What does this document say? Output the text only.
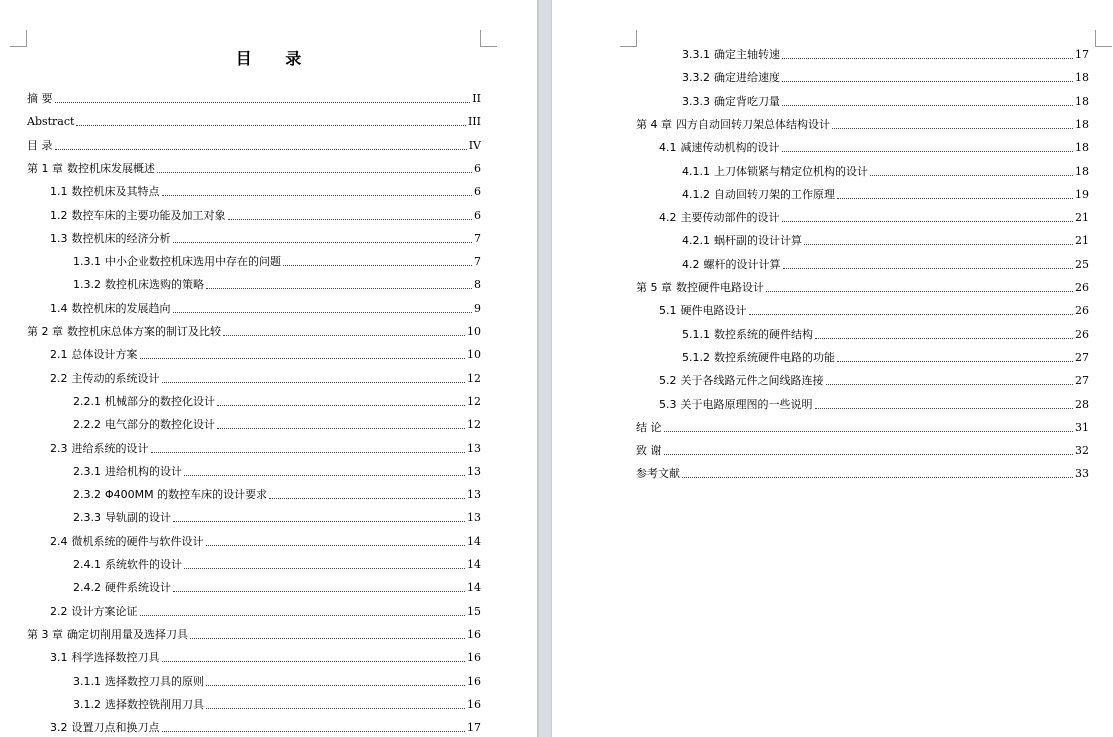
目 录
摘 要	II
Abstract	III
目 录	IV
第 1 章 数控机床发展概述	6
1.1 数控机床及其特点	6
1.2 数控车床的主要功能及加工对象	6
1.3 数控机床的经济分析	7
1.3.1 中小企业数控机床选用中存在的问题	7
1.3.2 数控机床选购的策略	8
1.4 数控机床的发展趋向	9
第 2 章 数控机床总体方案的制订及比较	10
2.1 总体设计方案	10
2.2 主传动的系统设计	12
2.2.1 机械部分的数控化设计	12
2.2.2 电气部分的数控化设计	12
2.3 进给系统的设计	13
2.3.1 进给机构的设计	13
2.3.2 Φ400MM 的数控车床的设计要求	13
2.3.3 导轨副的设计	13
2.4 微机系统的硬件与软件设计	14
2.4.1 系统软件的设计	14
2.4.2 硬件系统设计	14
2.2 设计方案论证	15
第 3 章 确定切削用量及选择刀具	16
3.1 科学选择数控刀具	16
3.1.1 选择数控刀具的原则	16
3.1.2 选择数控铣削用刀具	16
3.2 设置刀点和换刀点	17
3.3.1 确定主轴转速	17
3.3.2 确定进给速度	18
3.3.3 确定背吃刀量	18
第 4 章 四方自动回转刀架总体结构设计	18
4.1 减速传动机构的设计	18
4.1.1 上刀体锁紧与精定位机构的设计	18
4.1.2 自动回转刀架的工作原理	19
4.2 主要传动部件的设计	21
4.2.1 蜗杆副的设计计算	21
4.2 螺杆的设计计算	25
第 5 章 数控硬件电路设计	26
5.1 硬件电路设计	26
5.1.1 数控系统的硬件结构	26
5.1.2 数控系统硬件电路的功能	27
5.2 关于各线路元件之间线路连接	27
5.3 关于电路原理图的一些说明	28
结 论	31
致 谢	32
参考文献	33
